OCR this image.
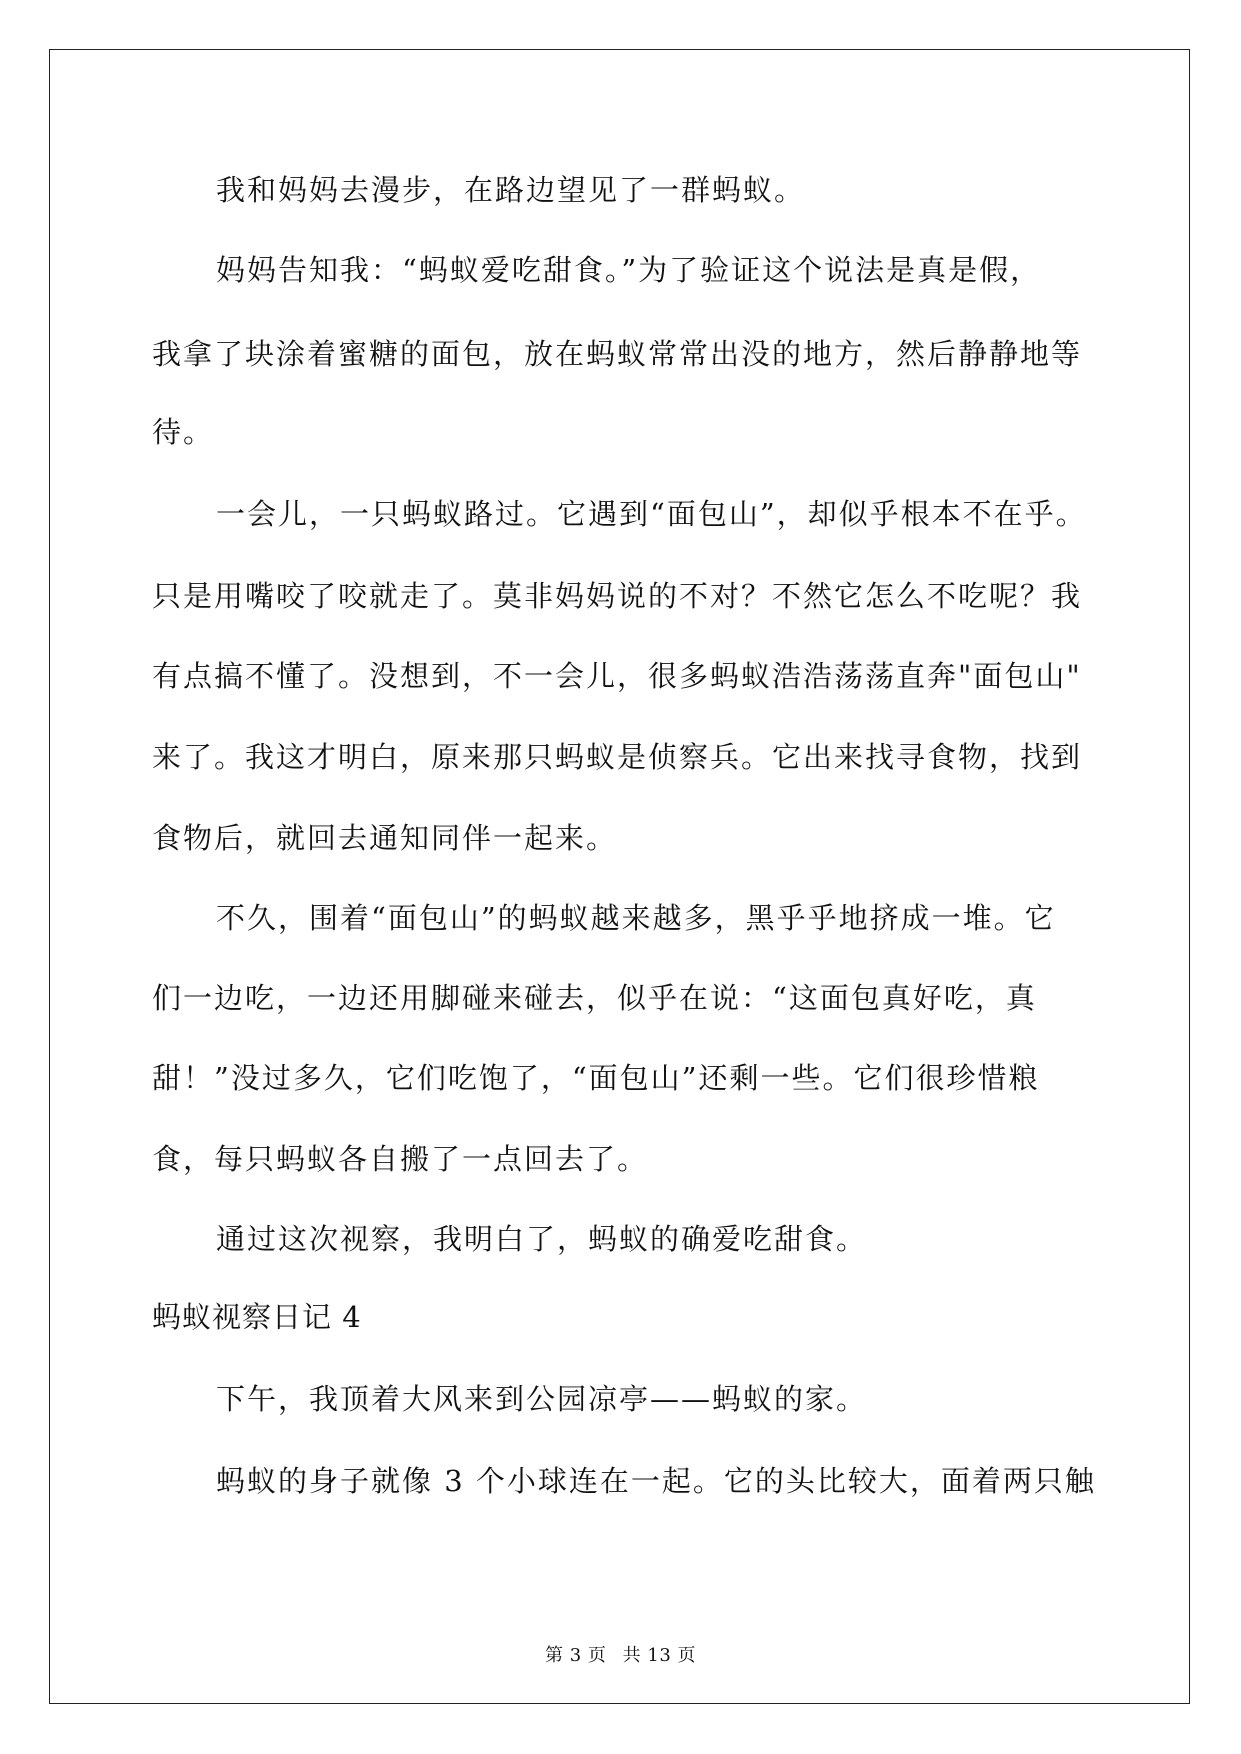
我和妈妈去漫步，在路边望见了一群蚂蚁。
妈妈告知我：“蚂蚁爱吃甜食。”为了验证这个说法是真是假，
我拿了块涂着蜜糖的面包，放在蚂蚁常常出没的地方，然后静静地等
待。
一会儿，一只蚂蚁路过。它遇到“面包山”，却似乎根本不在乎。
只是用嘴咬了咬就走了。莫非妈妈说的不对？不然它怎么不吃呢？我
有点搞不懂了。没想到，不一会儿，很多蚂蚁浩浩荡荡直奔"面包山"
来了。我这才明白，原来那只蚂蚁是侦察兵。它出来找寻食物，找到
食物后，就回去通知同伴一起来。
不久，围着“面包山”的蚂蚁越来越多，黑乎乎地挤成一堆。它
们一边吃，一边还用脚碰来碰去，似乎在说：“这面包真好吃，真
甜！”没过多久，它们吃饱了，“面包山”还剩一些。它们很珍惜粮
食，每只蚂蚁各自搬了一点回去了。
通过这次视察，我明白了，蚂蚁的确爱吃甜食。
蚂蚁视察日记 4
下午，我顶着大风来到公园凉亭——蚂蚁的家。
蚂蚁的身子就像 3 个小球连在一起。它的头比较大，面着两只触
第 3 页 共 13 页
